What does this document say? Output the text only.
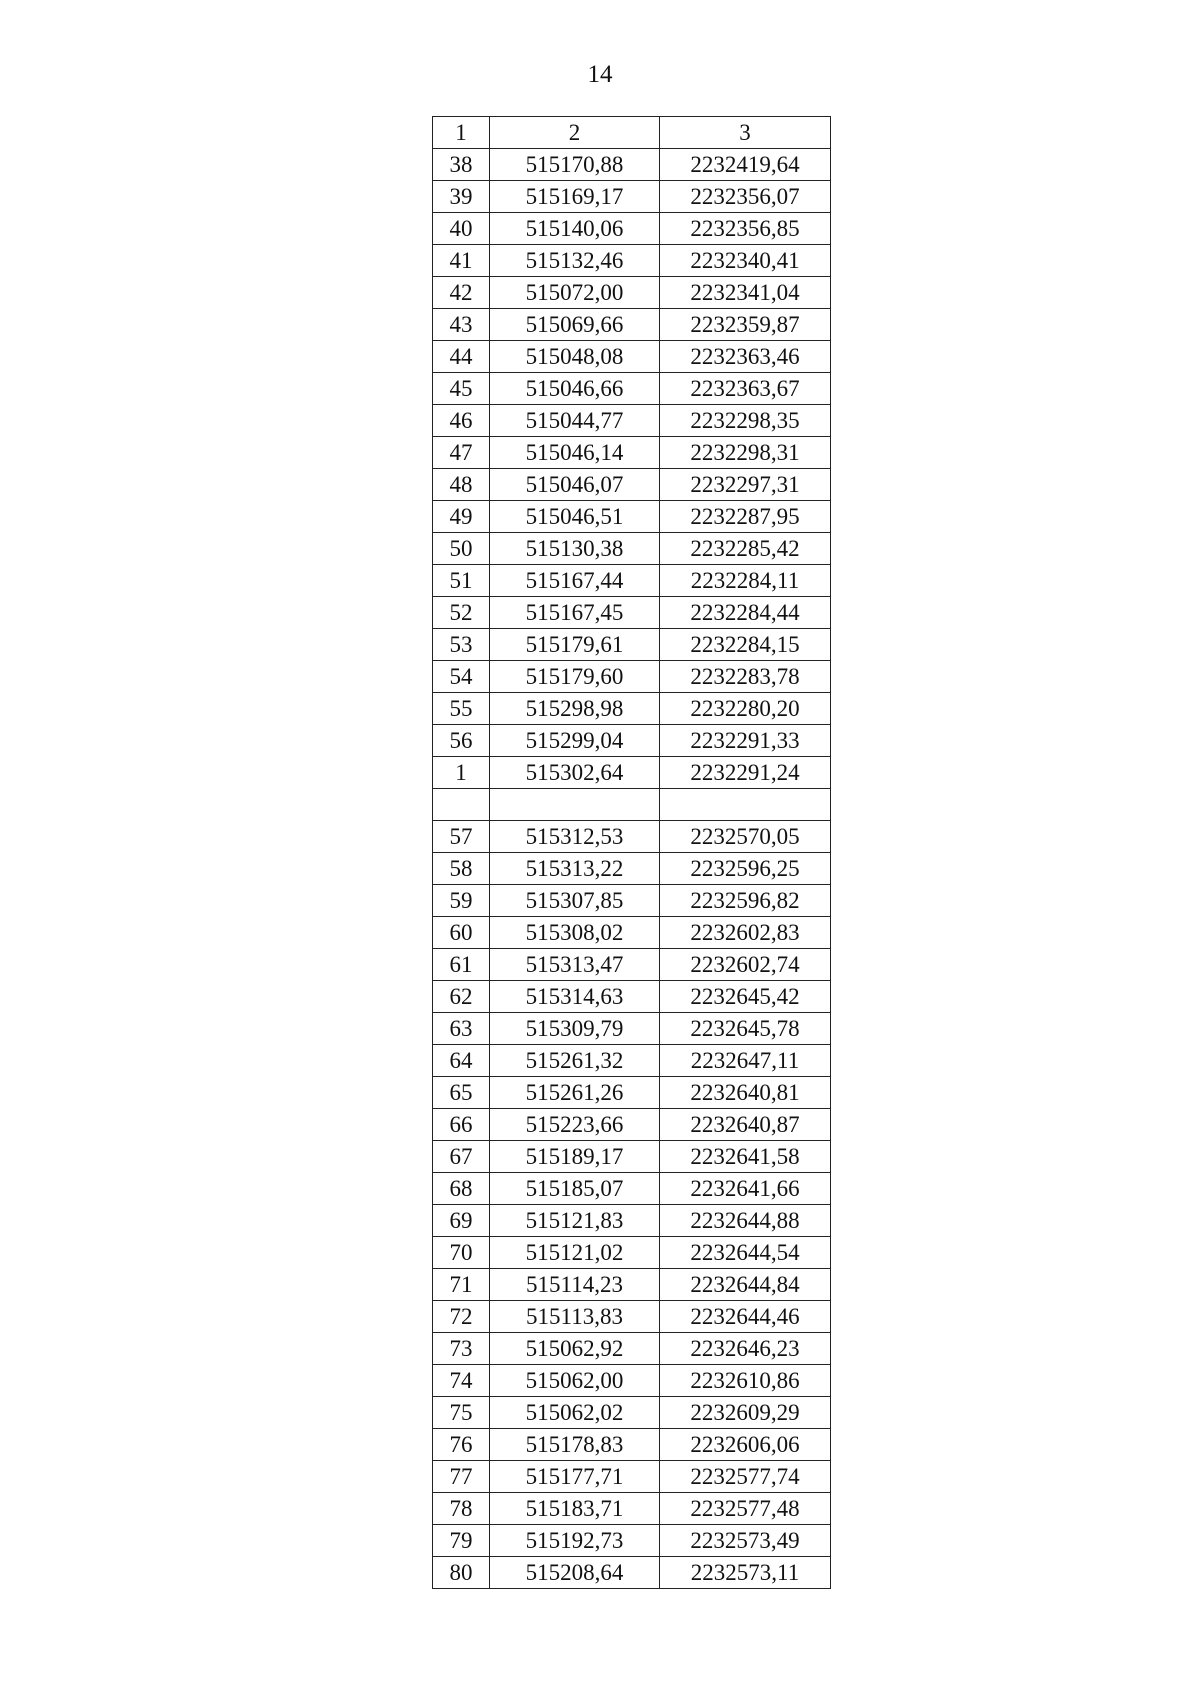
14
1	2	3
38	515170,88	2232419,64
39	515169,17	2232356,07
40	515140,06	2232356,85
41	515132,46	2232340,41
42	515072,00	2232341,04
43	515069,66	2232359,87
44	515048,08	2232363,46
45	515046,66	2232363,67
46	515044,77	2232298,35
47	515046,14	2232298,31
48	515046,07	2232297,31
49	515046,51	2232287,95
50	515130,38	2232285,42
51	515167,44	2232284,11
52	515167,45	2232284,44
53	515179,61	2232284,15
54	515179,60	2232283,78
55	515298,98	2232280,20
56	515299,04	2232291,33
1	515302,64	2232291,24

57	515312,53	2232570,05
58	515313,22	2232596,25
59	515307,85	2232596,82
60	515308,02	2232602,83
61	515313,47	2232602,74
62	515314,63	2232645,42
63	515309,79	2232645,78
64	515261,32	2232647,11
65	515261,26	2232640,81
66	515223,66	2232640,87
67	515189,17	2232641,58
68	515185,07	2232641,66
69	515121,83	2232644,88
70	515121,02	2232644,54
71	515114,23	2232644,84
72	515113,83	2232644,46
73	515062,92	2232646,23
74	515062,00	2232610,86
75	515062,02	2232609,29
76	515178,83	2232606,06
77	515177,71	2232577,74
78	515183,71	2232577,48
79	515192,73	2232573,49
80	515208,64	2232573,11
